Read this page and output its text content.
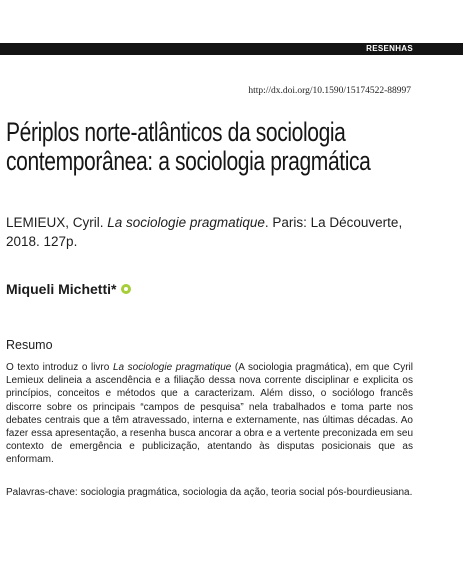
RESENHAS
http://dx.doi.org/10.1590/15174522-88997
Périplos norte-atlânticos da sociologia
contemporânea: a sociologia pragmática
LEMIEUX, Cyril. La sociologie pragmatique. Paris: La Découverte, 2018. 127p.
Miqueli Michetti*
Resumo

O texto introduz o livro La sociologie pragmatique (A sociologia pragmática), em que Cyril Lemieux delineia a ascendência e a filiação dessa nova corrente disciplinar e explicita os princípios, conceitos e métodos que a caracterizam. Além disso, o sociólogo francês discorre sobre os principais “campos de pesquisa” nela trabalhados e toma parte nos debates centrais que a têm atravessado, interna e externamente, nas últimas décadas. Ao fazer essa apresentação, a resenha busca ancorar a obra e a vertente preconizada em seu contexto de emergência e publicização, atentando às disputas posicionais que as enformam.

Palavras-chave: sociologia pragmática, sociologia da ação, teoria social pós-bourdieusiana.
